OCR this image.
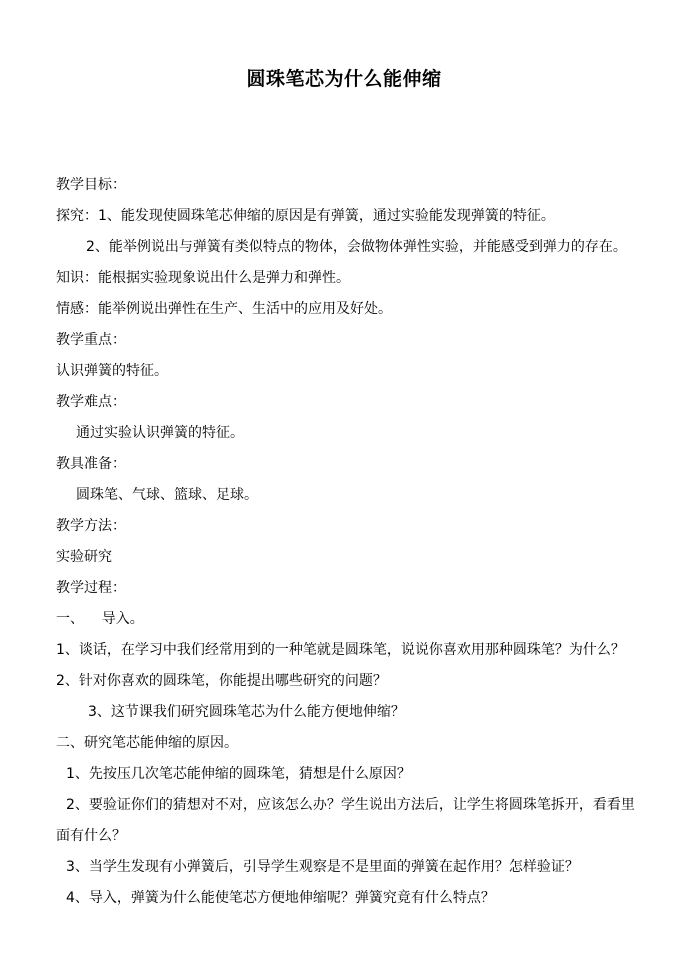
圆珠笔芯为什么能伸缩
教学目标：
探究：1、能发现使圆珠笔芯伸缩的原因是有弹簧，通过实验能发现弹簧的特征。
2、能举例说出与弹簧有类似特点的物体，会做物体弹性实验，并能感受到弹力的存在。
知识：能根据实验现象说出什么是弹力和弹性。
情感：能举例说出弹性在生产、生活中的应用及好处。
教学重点：
认识弹簧的特征。
教学难点：
通过实验认识弹簧的特征。
教具准备：
圆珠笔、气球、篮球、足球。
教学方法：
实验研究
教学过程：
一、    导入。
1、谈话，在学习中我们经常用到的一种笔就是圆珠笔，说说你喜欢用那种圆珠笔？为什么？
2、针对你喜欢的圆珠笔，你能提出哪些研究的问题？
3、这节课我们研究圆珠笔芯为什么能方便地伸缩？
二、研究笔芯能伸缩的原因。
1、先按压几次笔芯能伸缩的圆珠笔，猜想是什么原因？
2、要验证你们的猜想对不对，应该怎么办？学生说出方法后，让学生将圆珠笔拆开，看看里
面有什么？
3、当学生发现有小弹簧后，引导学生观察是不是里面的弹簧在起作用？怎样验证？
4、导入，弹簧为什么能使笔芯方便地伸缩呢？弹簧究竟有什么特点？
